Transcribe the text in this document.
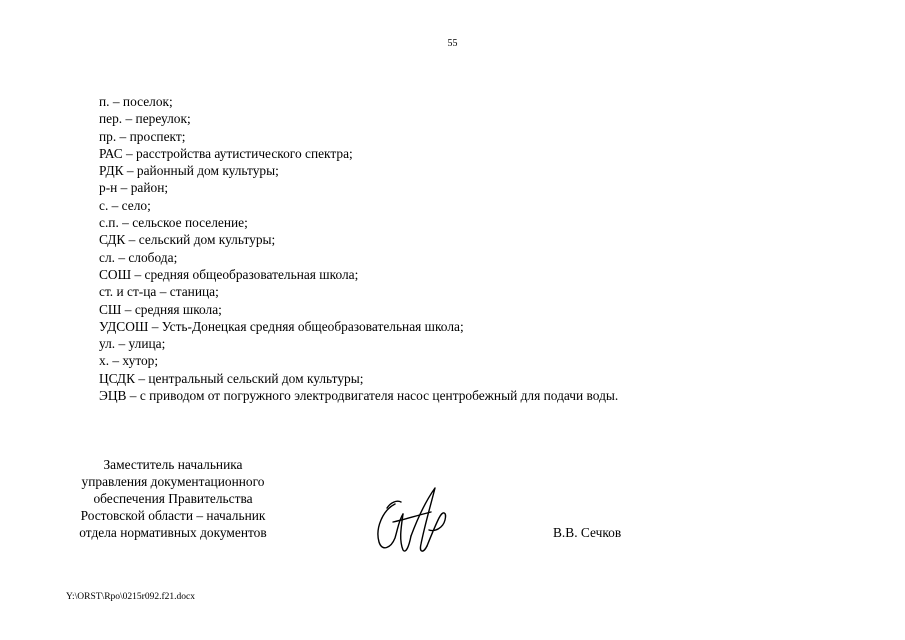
55
п. – поселок;
пер. – переулок;
пр. – проспект;
РАС – расстройства аутистического спектра;
РДК – районный дом культуры;
р-н – район;
с. – село;
с.п. – сельское поселение;
СДК – сельский дом культуры;
сл. – слобода;
СОШ – средняя общеобразовательная школа;
ст. и ст-ца – станица;
СШ – средняя школа;
УДСОШ – Усть-Донецкая средняя общеобразовательная школа;
ул. – улица;
х. – хутор;
ЦСДК – центральный сельский дом культуры;
ЭЦВ – с приводом от погружного электродвигателя насос центробежный для подачи воды.
Заместитель начальника
управления документационного
обеспечения Правительства
Ростовской области – начальник
отдела нормативных документов	В.В. Сечков
Y:\ORST\Rpo\0215r092.f21.docx
